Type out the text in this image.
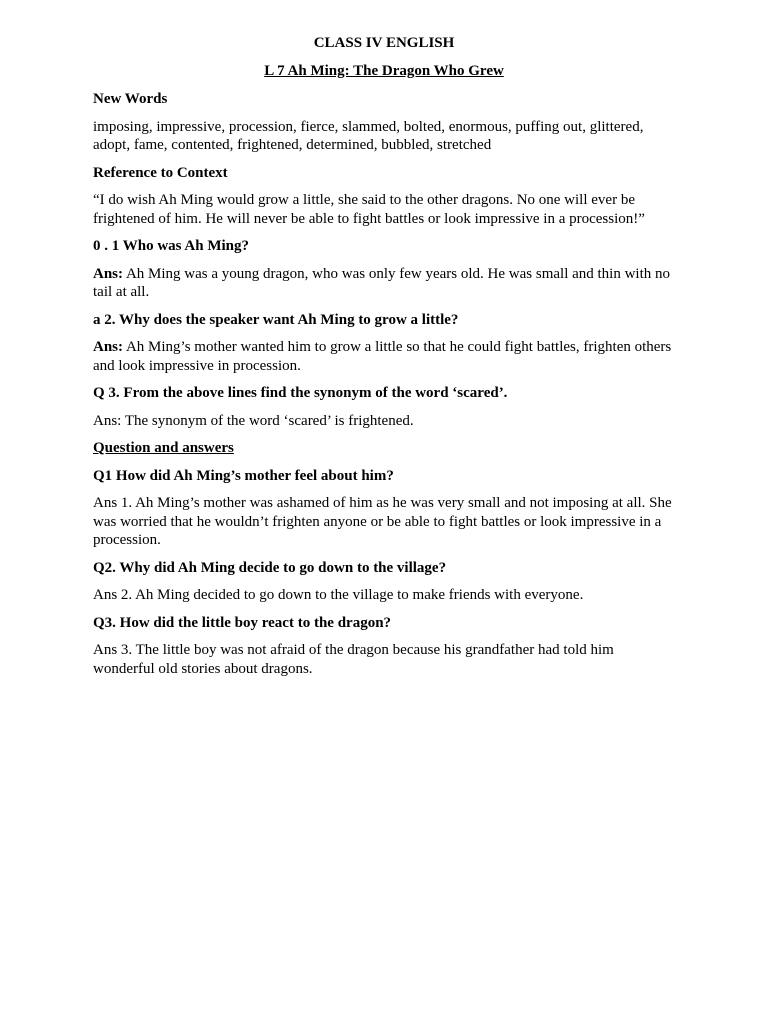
CLASS IV ENGLISH
L 7 Ah Ming: The Dragon Who Grew
New Words
imposing, impressive, procession, fierce, slammed, bolted, enormous, puffing out, glittered, adopt, fame, contented, frightened, determined, bubbled, stretched
Reference to Context
“I do wish Ah Ming would grow a little, she said to the other dragons. No one will ever be frightened of him. He will never be able to fight battles or look impressive in a procession!”
0 . 1 Who was Ah Ming?
Ans: Ah Ming was a young dragon, who was only few years old. He was small and thin with no tail at all.
a 2. Why does the speaker want Ah Ming to grow a little?
Ans: Ah Ming’s mother wanted him to grow a little so that he could fight battles, frighten others and look impressive in procession.
Q 3. From the above lines find the synonym of the word ‘scared’.
Ans: The synonym of the word ‘scared’ is frightened.
Question and answers
Q1 How did Ah Ming’s mother feel about him?
Ans 1. Ah Ming’s mother was ashamed of him as he was very small and not imposing at all. She was worried that he wouldn’t frighten anyone or be able to fight battles or look impressive in a procession.
Q2. Why did Ah Ming decide to go down to the village?
Ans 2. Ah Ming decided to go down to the village to make friends with everyone.
Q3. How did the little boy react to the dragon?
Ans 3. The little boy was not afraid of the dragon because his grandfather had told him wonderful old stories about dragons.
